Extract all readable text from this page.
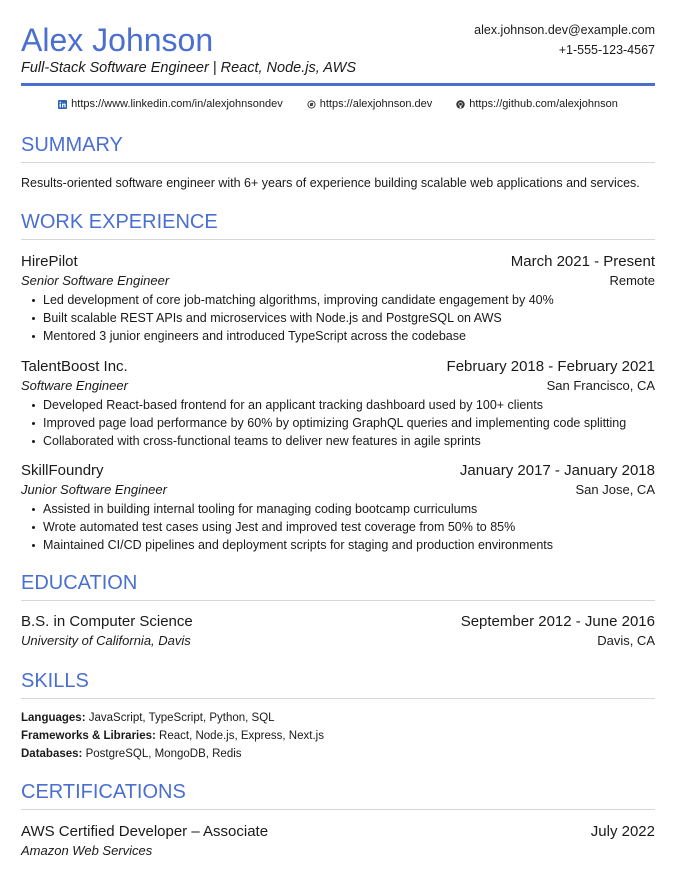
Alex Johnson
Full-Stack Software Engineer | React, Node.js, AWS
alex.johnson.dev@example.com
+1-555-123-4567
https://www.linkedin.com/in/alexjohnsondev	https://alexjohnson.dev	https://github.com/alexjohnson
SUMMARY
Results-oriented software engineer with 6+ years of experience building scalable web applications and services.
WORK EXPERIENCE
HirePilot	March 2021 - Present
Senior Software Engineer	Remote
Led development of core job-matching algorithms, improving candidate engagement by 40%
Built scalable REST APIs and microservices with Node.js and PostgreSQL on AWS
Mentored 3 junior engineers and introduced TypeScript across the codebase
TalentBoost Inc.	February 2018 - February 2021
Software Engineer	San Francisco, CA
Developed React-based frontend for an applicant tracking dashboard used by 100+ clients
Improved page load performance by 60% by optimizing GraphQL queries and implementing code splitting
Collaborated with cross-functional teams to deliver new features in agile sprints
SkillFoundry	January 2017 - January 2018
Junior Software Engineer	San Jose, CA
Assisted in building internal tooling for managing coding bootcamp curriculums
Wrote automated test cases using Jest and improved test coverage from 50% to 85%
Maintained CI/CD pipelines and deployment scripts for staging and production environments
EDUCATION
B.S. in Computer Science	September 2012 - June 2016
University of California, Davis	Davis, CA
SKILLS
Languages: JavaScript, TypeScript, Python, SQL
Frameworks & Libraries: React, Node.js, Express, Next.js
Databases: PostgreSQL, MongoDB, Redis
CERTIFICATIONS
AWS Certified Developer – Associate	July 2022
Amazon Web Services
